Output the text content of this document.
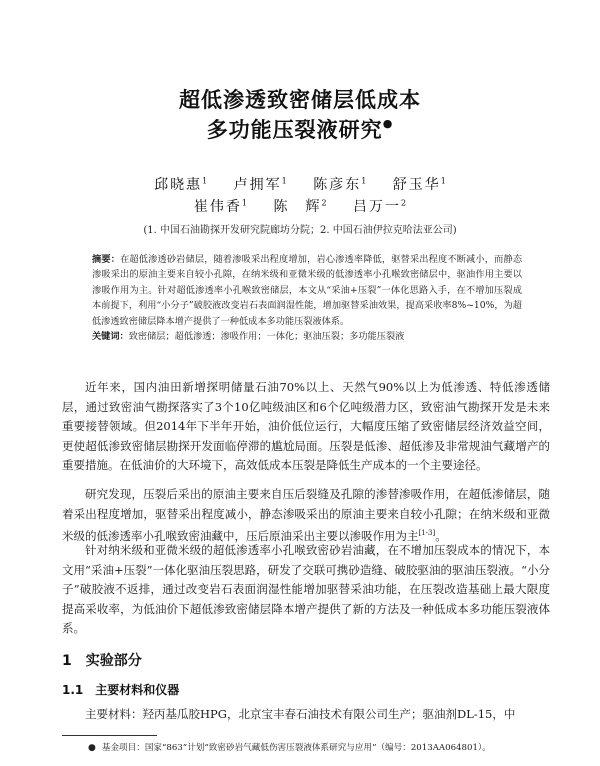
超低渗透致密储层低成本
多功能压裂液研究●
邱晓惠$^1$ 卢拥军$^1$ 陈彦东$^1$ 舒玉华$^1$
崔伟香$^1$ 陈　辉$^2$ 吕万一$^2$
(1. 中国石油勘探开发研究院廊坊分院；2. 中国石油伊拉克哈法亚公司)
摘要：在超低渗透砂岩储层，随着渗吸采出程度增加，岩心渗透率降低，驱替采出程度不断减小，而静态渗吸采出的原油主要来自较小孔隙，在纳米级和亚微米级的低渗透率小孔喉致密储层中，驱油作用主要以渗吸作用为主。针对超低渗透率小孔喉致密储层，本文从“采油+压裂”一体化思路入手，在不增加压裂成本前提下，利用“小分子”破胶液改变岩石表面润湿性能，增加驱替采油效果，提高采收率8%~10%，为超低渗透致密储层降本增产提供了一种低成本多功能压裂液体系。
关键词：致密储层；超低渗透；渗吸作用；一体化；驱油压裂；多功能压裂液

近年来，国内油田新增探明储量石油70%以上、天然气90%以上为低渗透、特低渗透储层，通过致密油气勘探落实了3个10亿吨级油区和6个亿吨级潜力区，致密油气勘探开发是未来重要接替领域。但2014年下半年开始，油价低位运行，大幅度压缩了致密储层经济效益空间，更使超低渗致密储层勘探开发面临停滞的尴尬局面。压裂是低渗、超低渗及非常规油气藏增产的重要措施。在低油价的大环境下，高效低成本压裂是降低生产成本的一个主要途径。

研究发现，压裂后采出的原油主要来自压后裂缝及孔隙的渗替渗吸作用，在超低渗储层，随着采出程度增加，驱替采出程度减小，静态渗吸采出的原油主要来自较小孔隙；在纳米级和亚微米级的低渗透率小孔喉致密油藏中，压后原油采出主要以渗吸作用为主[1-3]。

针对纳米级和亚微米级的超低渗透率小孔喉致密砂岩油藏，在不增加压裂成本的情况下，本文用“采油+压裂”一体化驱油压裂思路，研发了交联可携砂造缝、破胶驱油的驱油压裂液。“小分子”破胶液不返排，通过改变岩石表面润湿性能增加驱替采油功能，在压裂改造基础上最大限度提高采收率，为低油价下超低渗致密储层降本增产提供了新的方法及一种低成本多功能压裂液体系。

1 实验部分
1.1 主要材料和仪器

主要材料：羟丙基瓜胶HPG，北京宝丰春石油技术有限公司生产；驱油剂DL-15，中

● 基金项目：国家“863”计划“致密砂岩气藏低伤害压裂液体系研究与应用”（编号：2013AA064801）。
